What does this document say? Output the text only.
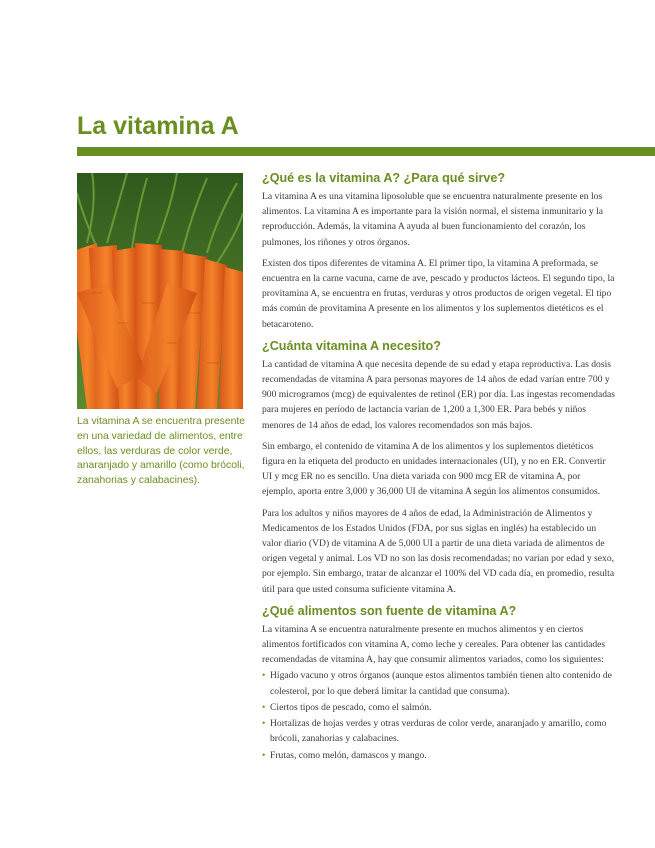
La vitamina A

La vitamina A se encuentra presente en una variedad de alimentos, entre ellos, las verduras de color verde, anaranjado y amarillo (como brócoli, zanahorias y calabacines).

¿Qué es la vitamina A? ¿Para qué sirve?

La vitamina A es una vitamina liposoluble que se encuentra naturalmente presente en los alimentos. La vitamina A es importante para la visión normal, el sistema inmunitario y la reproducción. Además, la vitamina A ayuda al buen funcionamiento del corazón, los pulmones, los riñones y otros órganos.

Existen dos tipos diferentes de vitamina A. El primer tipo, la vitamina A preformada, se encuentra en la carne vacuna, carne de ave, pescado y productos lácteos. El segundo tipo, la provitamina A, se encuentra en frutas, verduras y otros productos de origen vegetal. El tipo más común de provitamina A presente en los alimentos y los suplementos dietéticos es el betacaroteno.

¿Cuánta vitamina A necesito?

La cantidad de vitamina A que necesita depende de su edad y etapa reproductiva. Las dosis recomendadas de vitamina A para personas mayores de 14 años de edad varían entre 700 y 900 microgramos (mcg) de equivalentes de retinol (ER) por día. Las ingestas recomendadas para mujeres en período de lactancia varían de 1,200 a 1,300 ER. Para bebés y niños menores de 14 años de edad, los valores recomendados son más bajos.

Sin embargo, el contenido de vitamina A de los alimentos y los suplementos dietéticos figura en la etiqueta del producto en unidades internacionales (UI), y no en ER. Convertir UI y mcg ER no es sencillo. Una dieta variada con 900 mcg ER de vitamina A, por ejemplo, aporta entre 3,000 y 36,000 UI de vitamina A según los alimentos consumidos.

Para los adultos y niños mayores de 4 años de edad, la Administración de Alimentos y Medicamentos de los Estados Unidos (FDA, por sus siglas en inglés) ha establecido un valor diario (VD) de vitamina A de 5,000 UI a partir de una dieta variada de alimentos de origen vegetal y animal. Los VD no son las dosis recomendadas; no varían por edad y sexo, por ejemplo. Sin embargo, tratar de alcanzar el 100% del VD cada día, en promedio, resulta útil para que usted consuma suficiente vitamina A.

¿Qué alimentos son fuente de vitamina A?

La vitamina A se encuentra naturalmente presente en muchos alimentos y en ciertos alimentos fortificados con vitamina A, como leche y cereales. Para obtener las cantidades recomendadas de vitamina A, hay que consumir alimentos variados, como los siguientes:

• Hígado vacuno y otros órganos (aunque estos alimentos también tienen alto contenido de colesterol, por lo que deberá limitar la cantidad que consuma).
• Ciertos tipos de pescado, como el salmón.
• Hortalizas de hojas verdes y otras verduras de color verde, anaranjado y amarillo, como brócoli, zanahorias y calabacines.
• Frutas, como melón, damascos y mango.
